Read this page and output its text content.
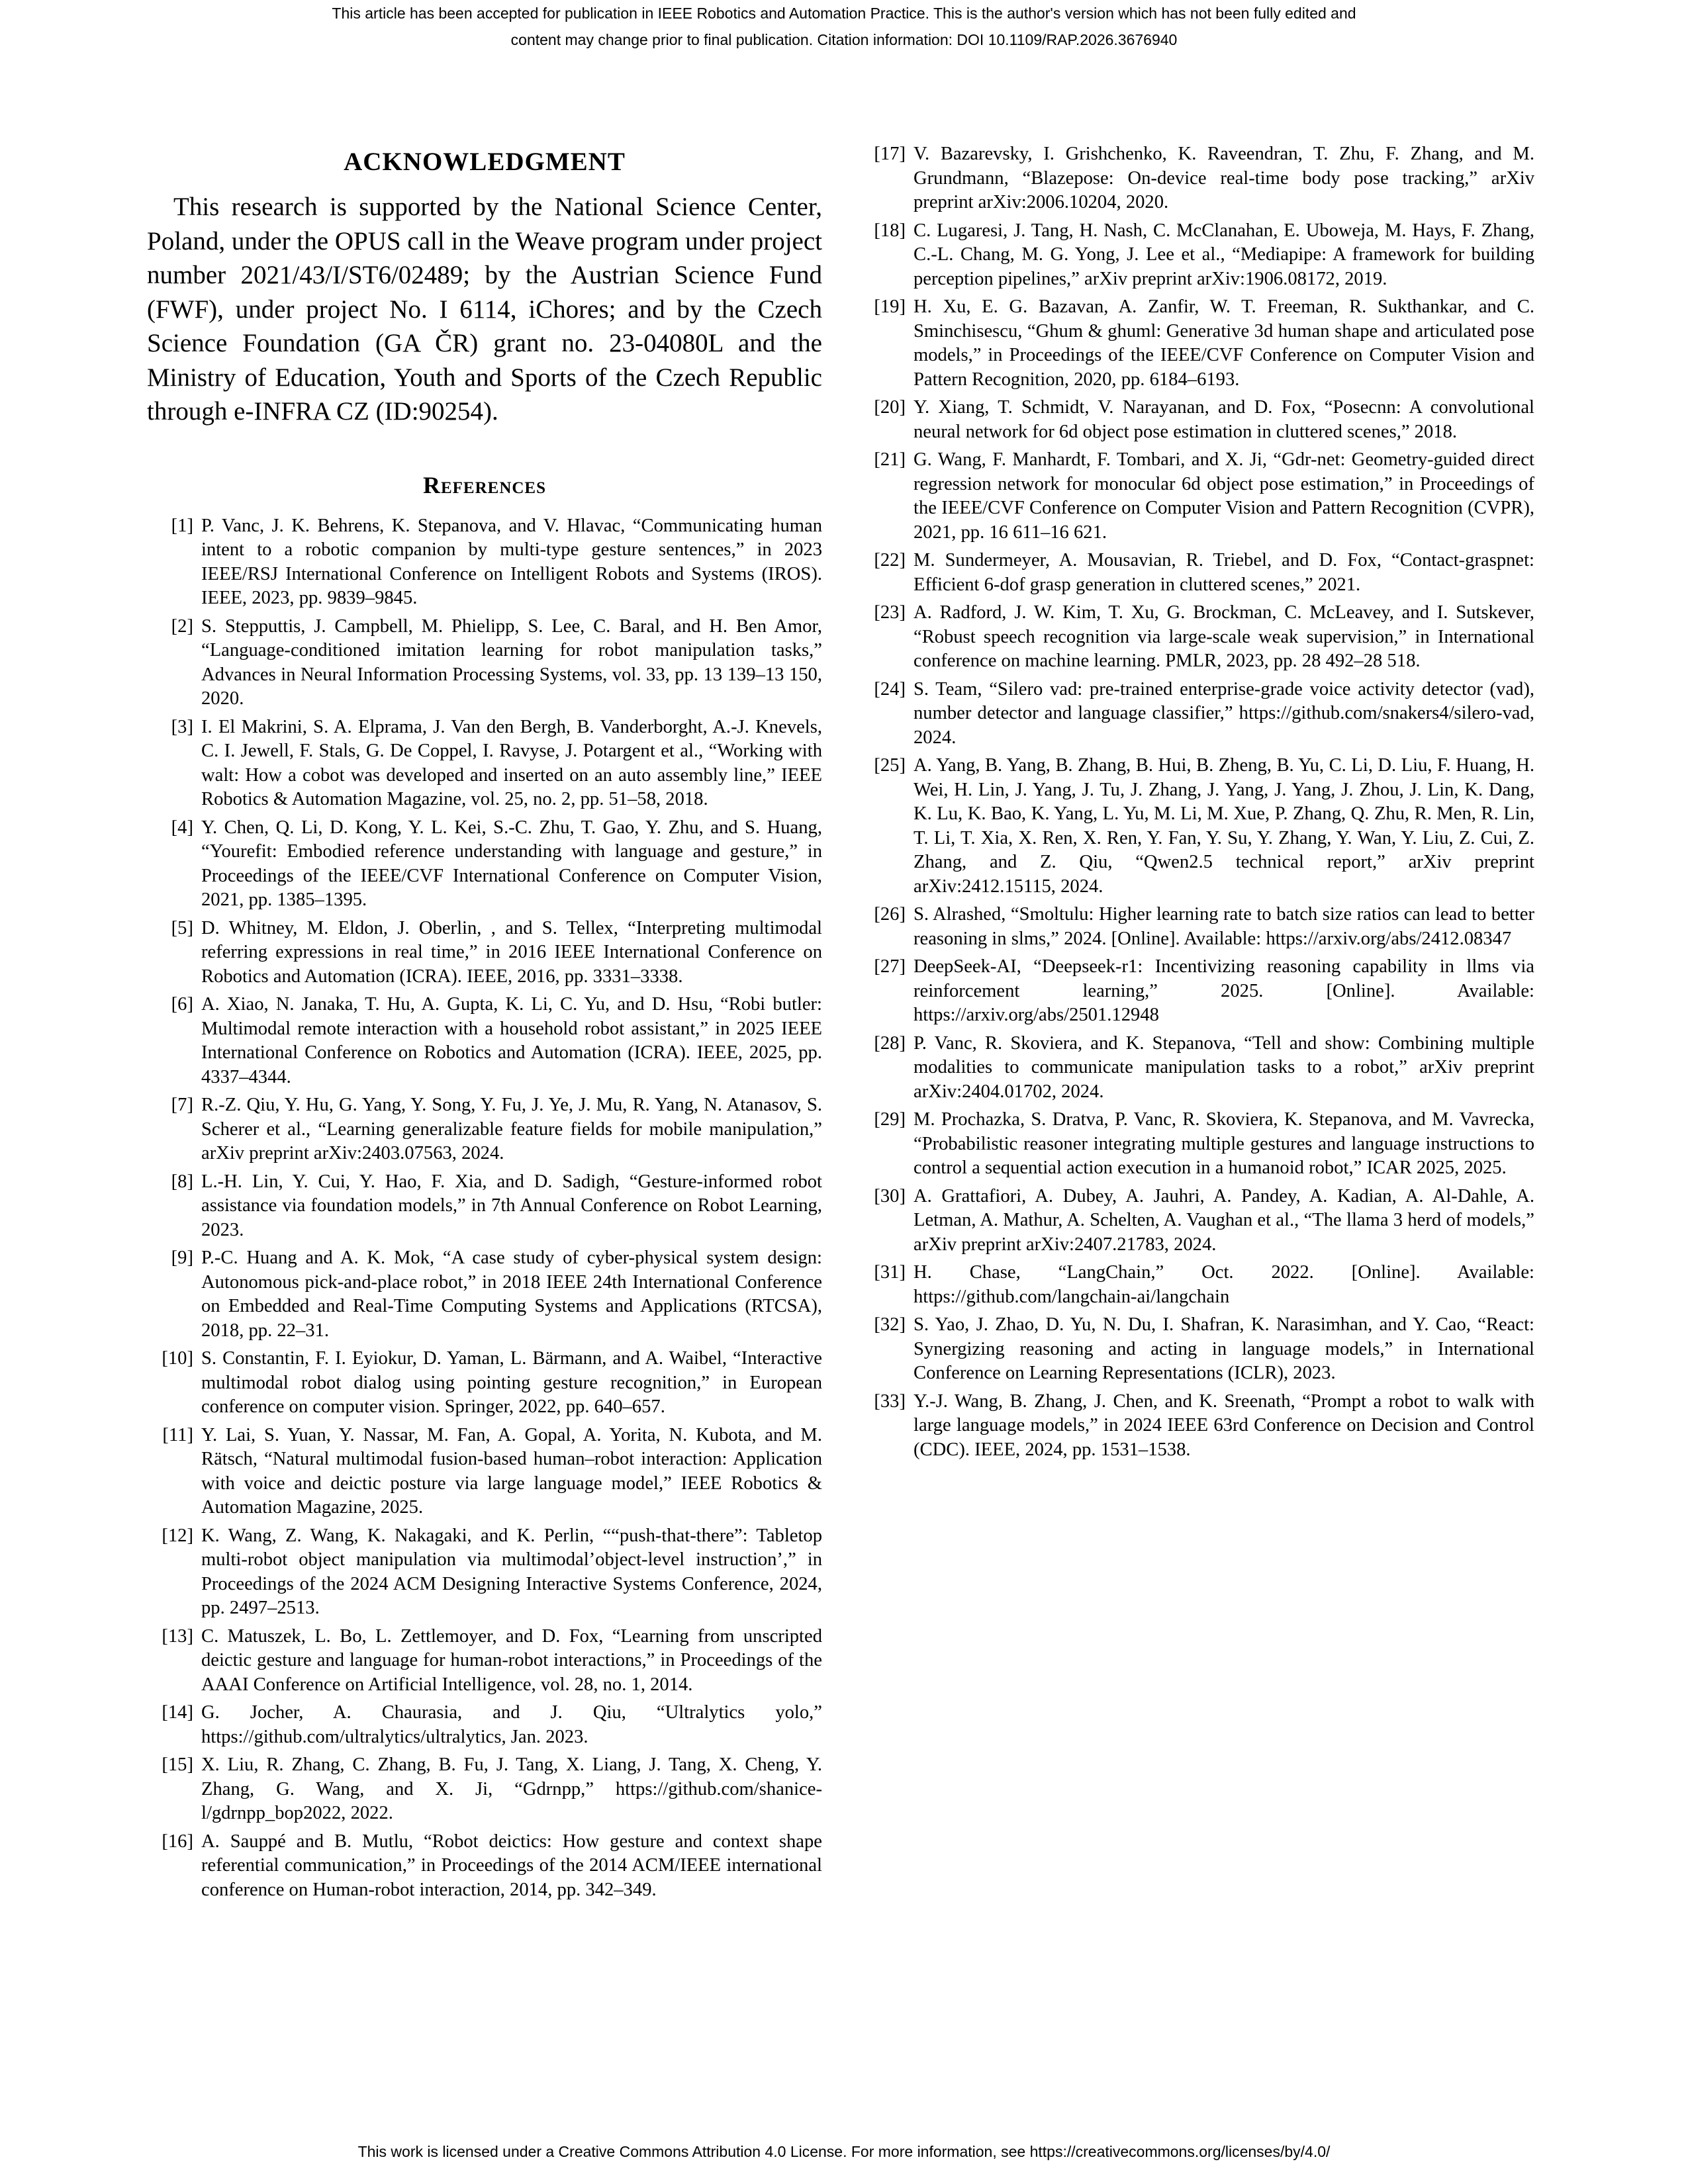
This article has been accepted for publication in IEEE Robotics and Automation Practice. This is the author's version which has not been fully edited and
content may change prior to final publication. Citation information: DOI 10.1109/RAP.2026.3676940
ACKNOWLEDGMENT

This research is supported by the National Science Center, Poland, under the OPUS call in the Weave program under project number 2021/43/I/ST6/02489; by the Austrian Science Fund (FWF), under project No. I 6114, iChores; and by the Czech Science Foundation (GA ČR) grant no. 23-04080L and the Ministry of Education, Youth and Sports of the Czech Republic through e-INFRA CZ (ID:90254).

References
[1] P. Vanc, J. K. Behrens, K. Stepanova, and V. Hlavac, “Communicating human intent to a robotic companion by multi-type gesture sentences,” in 2023 IEEE/RSJ International Conference on Intelligent Robots and Systems (IROS). IEEE, 2023, pp. 9839–9845.

[2] S. Stepputtis, J. Campbell, M. Phielipp, S. Lee, C. Baral, and H. Ben Amor, “Language-conditioned imitation learning for robot manipulation tasks,” Advances in Neural Information Processing Systems, vol. 33, pp. 13 139–13 150, 2020.

[3] I. El Makrini, S. A. Elprama, J. Van den Bergh, B. Vanderborght, A.-J. Knevels, C. I. Jewell, F. Stals, G. De Coppel, I. Ravyse, J. Potargent et al., “Working with walt: How a cobot was developed and inserted on an auto assembly line,” IEEE Robotics & Automation Magazine, vol. 25, no. 2, pp. 51–58, 2018.

[4] Y. Chen, Q. Li, D. Kong, Y. L. Kei, S.-C. Zhu, T. Gao, Y. Zhu, and S. Huang, “Yourefit: Embodied reference understanding with language and gesture,” in Proceedings of the IEEE/CVF International Conference on Computer Vision, 2021, pp. 1385–1395.

[5] D. Whitney, M. Eldon, J. Oberlin, , and S. Tellex, “Interpreting multimodal referring expressions in real time,” in 2016 IEEE International Conference on Robotics and Automation (ICRA). IEEE, 2016, pp. 3331–3338.

[6] A. Xiao, N. Janaka, T. Hu, A. Gupta, K. Li, C. Yu, and D. Hsu, “Robi butler: Multimodal remote interaction with a household robot assistant,” in 2025 IEEE International Conference on Robotics and Automation (ICRA). IEEE, 2025, pp. 4337–4344.

[7] R.-Z. Qiu, Y. Hu, G. Yang, Y. Song, Y. Fu, J. Ye, J. Mu, R. Yang, N. Atanasov, S. Scherer et al., “Learning generalizable feature fields for mobile manipulation,” arXiv preprint arXiv:2403.07563, 2024.

[8] L.-H. Lin, Y. Cui, Y. Hao, F. Xia, and D. Sadigh, “Gesture-informed robot assistance via foundation models,” in 7th Annual Conference on Robot Learning, 2023.

[9] P.-C. Huang and A. K. Mok, “A case study of cyber-physical system design: Autonomous pick-and-place robot,” in 2018 IEEE 24th International Conference on Embedded and Real-Time Computing Systems and Applications (RTCSA), 2018, pp. 22–31.

[10] S. Constantin, F. I. Eyiokur, D. Yaman, L. Bärmann, and A. Waibel, “Interactive multimodal robot dialog using pointing gesture recognition,” in European conference on computer vision. Springer, 2022, pp. 640–657.

[11] Y. Lai, S. Yuan, Y. Nassar, M. Fan, A. Gopal, A. Yorita, N. Kubota, and M. Rätsch, “Natural multimodal fusion-based human–robot interaction: Application with voice and deictic posture via large language model,” IEEE Robotics & Automation Magazine, 2025.

[12] K. Wang, Z. Wang, K. Nakagaki, and K. Perlin, ““push-that-there”: Tabletop multi-robot object manipulation via multimodal’object-level instruction’,” in Proceedings of the 2024 ACM Designing Interactive Systems Conference, 2024, pp. 2497–2513.

[13] C. Matuszek, L. Bo, L. Zettlemoyer, and D. Fox, “Learning from unscripted deictic gesture and language for human-robot interactions,” in Proceedings of the AAAI Conference on Artificial Intelligence, vol. 28, no. 1, 2014.

[14] G. Jocher, A. Chaurasia, and J. Qiu, “Ultralytics yolo,” https://github.com/ultralytics/ultralytics, Jan. 2023.

[15] X. Liu, R. Zhang, C. Zhang, B. Fu, J. Tang, X. Liang, J. Tang, X. Cheng, Y. Zhang, G. Wang, and X. Ji, “Gdrnpp,” https://github.com/shanice-l/gdrnpp_bop2022, 2022.

[16] A. Sauppé and B. Mutlu, “Robot deictics: How gesture and context shape referential communication,” in Proceedings of the 2014 ACM/IEEE international conference on Human-robot interaction, 2014, pp. 342–349.

[17] V. Bazarevsky, I. Grishchenko, K. Raveendran, T. Zhu, F. Zhang, and M. Grundmann, “Blazepose: On-device real-time body pose tracking,” arXiv preprint arXiv:2006.10204, 2020.

[18] C. Lugaresi, J. Tang, H. Nash, C. McClanahan, E. Uboweja, M. Hays, F. Zhang, C.-L. Chang, M. G. Yong, J. Lee et al., “Mediapipe: A framework for building perception pipelines,” arXiv preprint arXiv:1906.08172, 2019.

[19] H. Xu, E. G. Bazavan, A. Zanfir, W. T. Freeman, R. Sukthankar, and C. Sminchisescu, “Ghum & ghuml: Generative 3d human shape and articulated pose models,” in Proceedings of the IEEE/CVF Conference on Computer Vision and Pattern Recognition, 2020, pp. 6184–6193.

[20] Y. Xiang, T. Schmidt, V. Narayanan, and D. Fox, “Posecnn: A convolutional neural network for 6d object pose estimation in cluttered scenes,” 2018.

[21] G. Wang, F. Manhardt, F. Tombari, and X. Ji, “Gdr-net: Geometry-guided direct regression network for monocular 6d object pose estimation,” in Proceedings of the IEEE/CVF Conference on Computer Vision and Pattern Recognition (CVPR), 2021, pp. 16 611–16 621.

[22] M. Sundermeyer, A. Mousavian, R. Triebel, and D. Fox, “Contact-graspnet: Efficient 6-dof grasp generation in cluttered scenes,” 2021.

[23] A. Radford, J. W. Kim, T. Xu, G. Brockman, C. McLeavey, and I. Sutskever, “Robust speech recognition via large-scale weak supervision,” in International conference on machine learning. PMLR, 2023, pp. 28 492–28 518.

[24] S. Team, “Silero vad: pre-trained enterprise-grade voice activity detector (vad), number detector and language classifier,” https://github.com/snakers4/silero-vad, 2024.

[25] A. Yang, B. Yang, B. Zhang, B. Hui, B. Zheng, B. Yu, C. Li, D. Liu, F. Huang, H. Wei, H. Lin, J. Yang, J. Tu, J. Zhang, J. Yang, J. Yang, J. Zhou, J. Lin, K. Dang, K. Lu, K. Bao, K. Yang, L. Yu, M. Li, M. Xue, P. Zhang, Q. Zhu, R. Men, R. Lin, T. Li, T. Xia, X. Ren, X. Ren, Y. Fan, Y. Su, Y. Zhang, Y. Wan, Y. Liu, Z. Cui, Z. Zhang, and Z. Qiu, “Qwen2.5 technical report,” arXiv preprint arXiv:2412.15115, 2024.

[26] S. Alrashed, “Smoltulu: Higher learning rate to batch size ratios can lead to better reasoning in slms,” 2024. [Online]. Available: https://arxiv.org/abs/2412.08347

[27] DeepSeek-AI, “Deepseek-r1: Incentivizing reasoning capability in llms via reinforcement learning,” 2025. [Online]. Available: https://arxiv.org/abs/2501.12948

[28] P. Vanc, R. Skoviera, and K. Stepanova, “Tell and show: Combining multiple modalities to communicate manipulation tasks to a robot,” arXiv preprint arXiv:2404.01702, 2024.

[29] M. Prochazka, S. Dratva, P. Vanc, R. Skoviera, K. Stepanova, and M. Vavrecka, “Probabilistic reasoner integrating multiple gestures and language instructions to control a sequential action execution in a humanoid robot,” ICAR 2025, 2025.

[30] A. Grattafiori, A. Dubey, A. Jauhri, A. Pandey, A. Kadian, A. Al-Dahle, A. Letman, A. Mathur, A. Schelten, A. Vaughan et al., “The llama 3 herd of models,” arXiv preprint arXiv:2407.21783, 2024.

[31] H. Chase, “LangChain,” Oct. 2022. [Online]. Available: https://github.com/langchain-ai/langchain

[32] S. Yao, J. Zhao, D. Yu, N. Du, I. Shafran, K. Narasimhan, and Y. Cao, “React: Synergizing reasoning and acting in language models,” in International Conference on Learning Representations (ICLR), 2023.

[33] Y.-J. Wang, B. Zhang, J. Chen, and K. Sreenath, “Prompt a robot to walk with large language models,” in 2024 IEEE 63rd Conference on Decision and Control (CDC). IEEE, 2024, pp. 1531–1538.

This work is licensed under a Creative Commons Attribution 4.0 License. For more information, see https://creativecommons.org/licenses/by/4.0/
